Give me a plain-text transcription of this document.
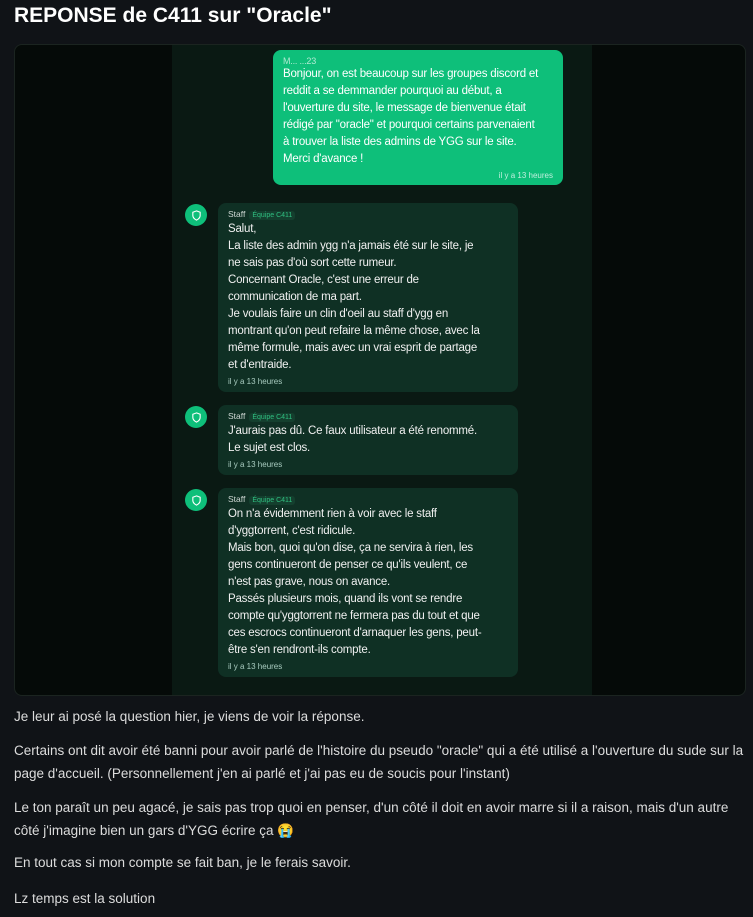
REPONSE de C411 sur "Oracle"
M... ...23
Bonjour, on est beaucoup sur les groupes discord et
reddit a se demmander pourquoi au début, a
l'ouverture du site, le message de bienvenue était
rédigé par "oracle" et pourquoi certains parvenaient
à trouver la liste des admins de YGG sur le site.
Merci d'avance !
il y a 13 heures
Staff Équipe C411
Salut,
La liste des admin ygg n'a jamais été sur le site, je
ne sais pas d'où sort cette rumeur.
Concernant Oracle, c'est une erreur de
communication de ma part.
Je voulais faire un clin d'oeil au staff d'ygg en
montrant qu'on peut refaire la même chose, avec la
même formule, mais avec un vrai esprit de partage
et d'entraide.
il y a 13 heures
Staff Équipe C411
J'aurais pas dû. Ce faux utilisateur a été renommé.
Le sujet est clos.
il y a 13 heures
Staff Équipe C411
On n'a évidemment rien à voir avec le staff
d'yggtorrent, c'est ridicule.
Mais bon, quoi qu'on dise, ça ne servira à rien, les
gens continueront de penser ce qu'ils veulent, ce
n'est pas grave, nous on avance.
Passés plusieurs mois, quand ils vont se rendre
compte qu'yggtorrent ne fermera pas du tout et que
ces escrocs continueront d'arnaquer les gens, peut-
être s'en rendront-ils compte.
il y a 13 heures
Je leur ai posé la question hier, je viens de voir la réponse.
Certains ont dit avoir été banni pour avoir parlé de l'histoire du pseudo "oracle" qui a été utilisé a l'ouverture du sude sur la page d'accueil. (Personnellement j'en ai parlé et j'ai pas eu de soucis pour l'instant)
Le ton paraît un peu agacé, je sais pas trop quoi en penser, d'un côté il doit en avoir marre si il a raison, mais d'un autre côté j'imagine bien un gars d'YGG écrire ça 😭
En tout cas si mon compte se fait ban, je le ferais savoir.
Lz temps est la solution
